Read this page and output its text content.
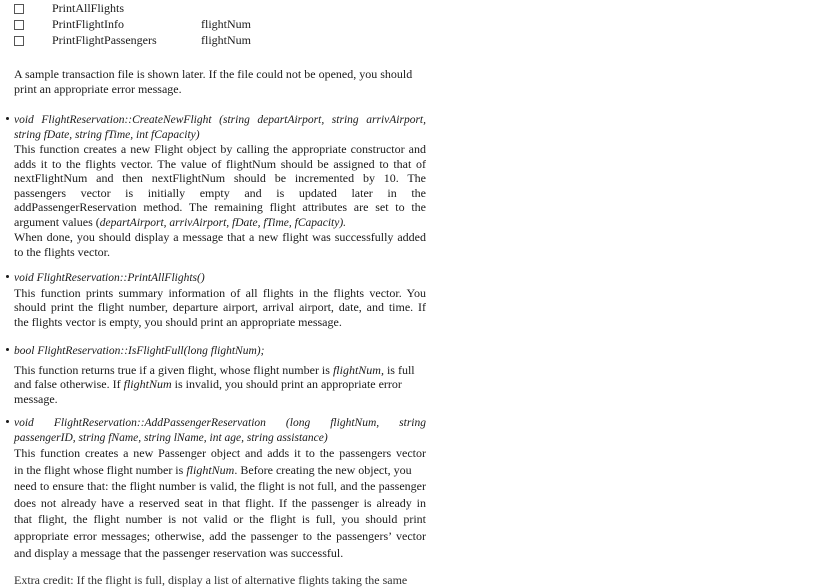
PrintAllFlights
PrintFlightInfo	flightNum
PrintFlightPassengers	flightNum
A sample transaction file is shown later. If the file could not be opened, you should
print an appropriate error message.
void FlightReservation::CreateNewFlight (string departAirport, string arrivAirport,
string fDate, string fTime, int fCapacity)
This function creates a new Flight object by calling the appropriate constructor and
adds it to the flights vector. The value of flightNum should be assigned to that of
nextFlightNum and then nextFlightNum should be incremented by 10. The
passengers vector is initially empty and is updated later in the
addPassengerReservation method. The remaining flight attributes are set to the
argument values (departAirport, arrivAirport, fDate, fTime, fCapacity).
When done, you should display a message that a new flight was successfully added
to the flights vector.
void FlightReservation::PrintAllFlights()
This function prints summary information of all flights in the flights vector. You
should print the flight number, departure airport, arrival airport, date, and time. If
the flights vector is empty, you should print an appropriate message.
bool FlightReservation::IsFlightFull(long flightNum);
This function returns true if a given flight, whose flight number is flightNum, is full
and false otherwise. If flightNum is invalid, you should print an appropriate error
message.
void FlightReservation::AddPassengerReservation (long flightNum, string
passengerID, string fName, string lName, int age, string assistance)
This function creates a new Passenger object and adds it to the passengers vector
in the flight whose flight number is flightNum. Before creating the new object, you
need to ensure that: the flight number is valid, the flight is not full, and the passenger
does not already have a reserved seat in that flight. If the passenger is already in
that flight, the flight number is not valid or the flight is full, you should print
appropriate error messages; otherwise, add the passenger to the passengers’ vector
and display a message that the passenger reservation was successful.
Extra credit: If the flight is full, display a list of alternative flights taking the same
